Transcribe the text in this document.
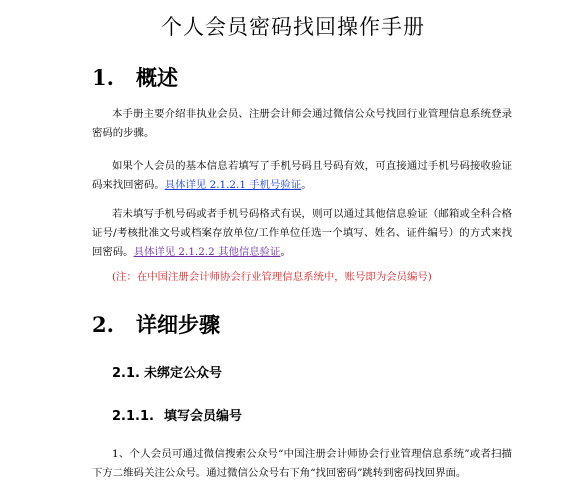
个人会员密码找回操作手册
1. 概述

本手册主要介绍非执业会员、注册会计师会通过微信公众号找回行业管理信息系统登录密码的步骤。

如果个人会员的基本信息若填写了手机号码且号码有效，可直接通过手机号码接收验证码来找回密码。具体详见 2.1.2.1 手机号验证。

若未填写手机号码或者手机号码格式有误，则可以通过其他信息验证（邮箱或全科合格证号/考核批准文号或档案存放单位/工作单位任选一个填写、姓名、证件编号）的方式来找回密码。具体详见 2.1.2.2 其他信息验证。

(注：在中国注册会计师协会行业管理信息系统中，账号即为会员编号)
2. 详细步骤
2.1. 未绑定公众号
2.1.1. 填写会员编号

1、个人会员可通过微信搜索公众号“中国注册会计师协会行业管理信息系统”或者扫描下方二维码关注公众号。通过微信公众号右下角“找回密码”跳转到密码找回界面。
